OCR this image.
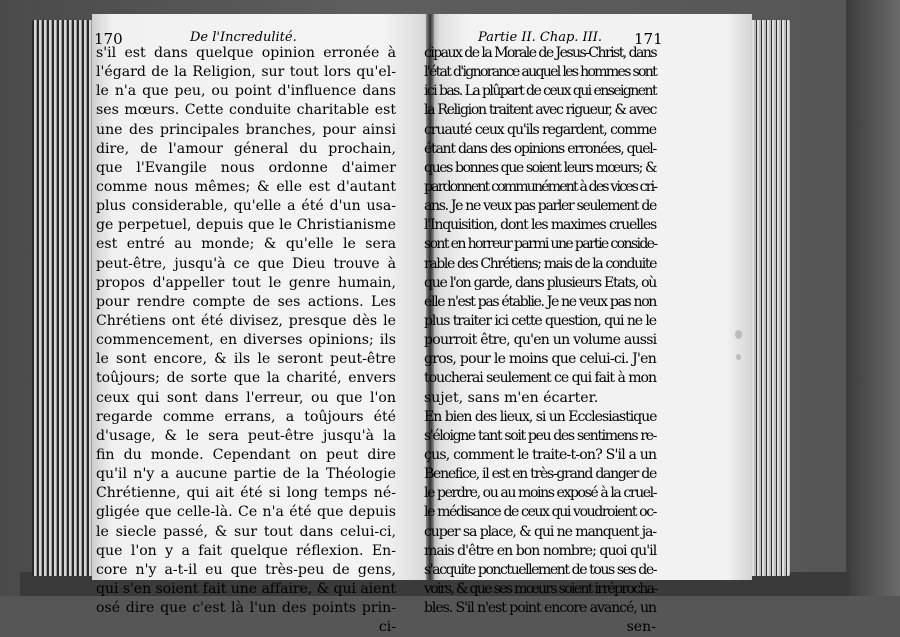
170	De l'Incredulité.	Partie II. Chap. III. 171
s'il est dans quelque opinion erronée à
l'égard de la Religion, sur tout lors qu'el-
le n'a que peu, ou point d'influence dans
ses mœurs. Cette conduite charitable est
une des principales branches, pour ainsi
dire, de l'amour géneral du prochain,
que l'Evangile nous ordonne d'aimer
comme nous mêmes; & elle est d'autant
plus considerable, qu'elle a été d'un usa-
ge perpetuel, depuis que le Christianisme
est entré au monde; & qu'elle le sera
peut-être, jusqu'à ce que Dieu trouve à
propos d'appeller tout le genre humain,
pour rendre compte de ses actions. Les
Chrétiens ont été divisez, presque dès le
commencement, en diverses opinions; ils
le sont encore, & ils le seront peut-être
toûjours; de sorte que la charité, envers
ceux qui sont dans l'erreur, ou que l'on
regarde comme errans, a toûjours été
d'usage, & le sera peut-être jusqu'à la
fin du monde. Cependant on peut dire
qu'il n'y a aucune partie de la Théologie
Chrétienne, qui ait été si long temps né-
gligée que celle-là. Ce n'a été que depuis
le siecle passé, & sur tout dans celui-ci,
que l'on y a fait quelque réflexion. En-
core n'y a-t-il eu que très-peu de gens,
qui s'en soient fait une affaire, & qui aient
osé dire que c'est là l'un des points prin-
ci-
cipaux de la Morale de Jesus-Christ, dans
l'état d'ignorance auquel les hommes sont
ici bas. La plûpart de ceux qui enseignent
la Religion traitent avec rigueur, & avec
cruauté ceux qu'ils regardent, comme
étant dans des opinions erronées, quel-
ques bonnes que soient leurs mœurs; &
pardonnent communément à des vices cri-
ans. Je ne veux pas parler seulement de
l'Inquisition, dont les maximes cruelles
sont en horreur parmi une partie conside-
rable des Chrétiens; mais de la conduite
que l'on garde, dans plusieurs Etats, où
elle n'est pas établie. Je ne veux pas non
plus traiter ici cette question, qui ne le
pourroit être, qu'en un volume aussi
gros, pour le moins que celui-ci. J'en
toucherai seulement ce qui fait à mon
sujet, sans m'en écarter.
En bien des lieux, si un Ecclesiastique
s'éloigne tant soit peu des sentimens re-
çus, comment le traite-t-on? S'il a un
Benefice, il est en très-grand danger de
le perdre, ou au moins exposé à la cruel-
le médisance de ceux qui voudroient oc-
cuper sa place, & qui ne manquent ja-
mais d'être en bon nombre; quoi qu'il
s'acquite ponctuellement de tous ses de-
voirs, & que ses mœurs soient irréprocha-
bles. S'il n'est point encore avancé, un
sen-
